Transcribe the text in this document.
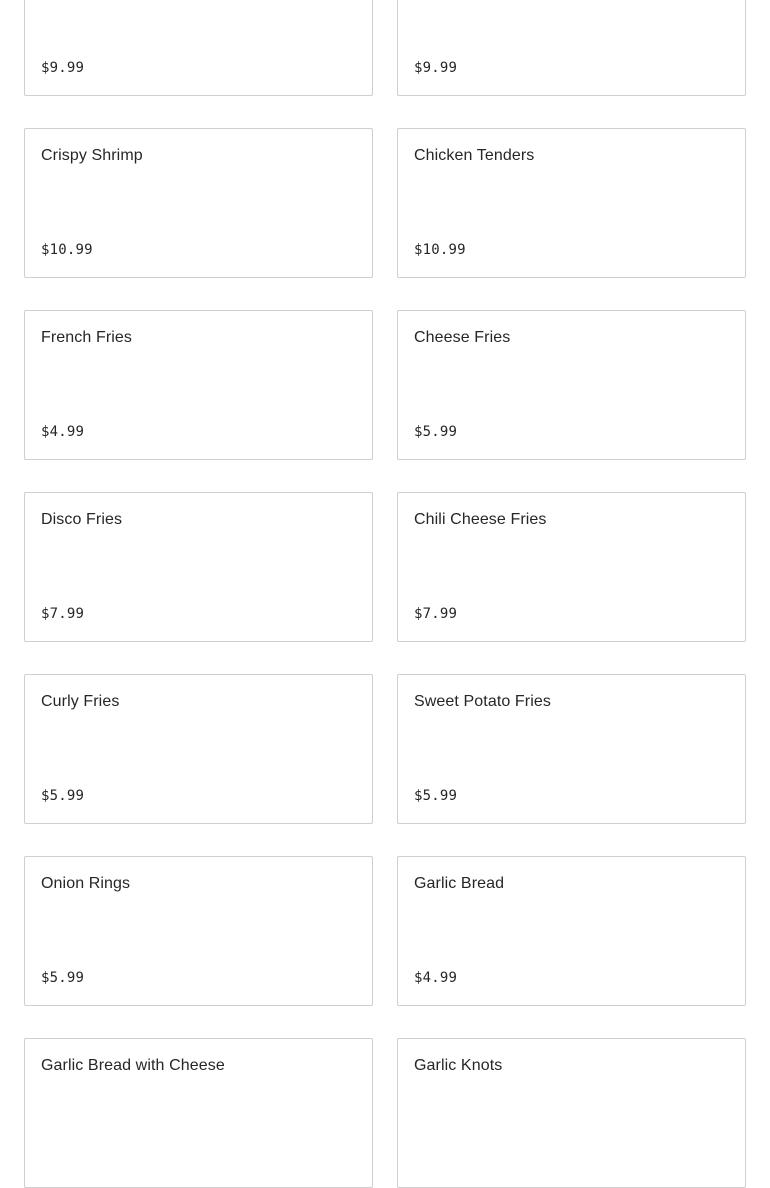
$9.99	$9.99
Crispy Shrimp
$10.99
Chicken Tenders
$10.99
French Fries
$4.99
Cheese Fries
$5.99
Disco Fries
$7.99
Chili Cheese Fries
$7.99
Curly Fries
$5.99
Sweet Potato Fries
$5.99
Onion Rings
$5.99
Garlic Bread
$4.99
Garlic Bread with Cheese	Garlic Knots
